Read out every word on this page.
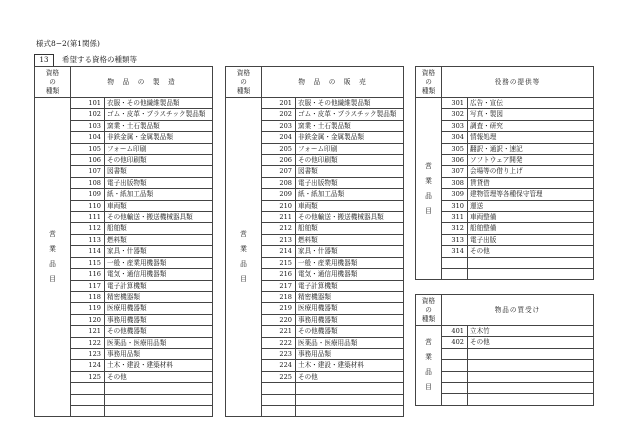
様式8−2(第1関係)
13	希望する資格の種類等
資格
の
種類	物　品　の　製　造	

営
業
品
目	101	衣服・その他繊維製品類
	102	ゴム・皮革・プラスチック製品類
	103	窯業・土石製品類
	104	非鉄金属・金属製品類
	105	フォーム印刷
	106	その他印刷類
	107	図書類
	108	電子出版物類
	109	紙・紙加工品類
	110	車両類
	111	その他輸送・搬送機械器具類
	112	船舶類
	113	燃料類
	114	家具・什器類
	115	一般・産業用機器類
	116	電気・通信用機器類
	117	電子計算機類
	118	精密機器類
	119	医療用機器類
	120	事務用機器類
	121	その他機器類
	122	医薬品・医療用品類
	123	事務用品類
	124	土木・建設・建築材料
	125	その他

資格
の
種類	物　品　の　販　売	

営
業
品
目	201	衣服・その他繊維製品類
	202	ゴム・皮革・プラスチック製品類
	203	窯業・土石製品類
	204	非鉄金属・金属製品類
	205	フォーム印刷
	206	その他印刷類
	207	図書類
	208	電子出版物類
	209	紙・紙加工品類
	210	車両類
	211	その他輸送・搬送機械器具類
	212	船舶類
	213	燃料類
	214	家具・什器類
	215	一般・産業用機器類
	216	電気・通信用機器類
	217	電子計算機類
	218	精密機器類
	219	医療用機器類
	220	事務用機器類
	221	その他機器類
	222	医薬品・医療用品類
	223	事務用品類
	224	土木・建設・建築材料
	225	その他

資格
の
種類	役務の提供等	

営
業
品
目	301	広告・宣伝
	302	写真・製図
	303	調査・研究
	304	情報処理
	305	翻訳・通訳・速記
	306	ソフトウェア開発
	307	会場等の借り上げ
	308	賃貸借
	309	建物管理等各種保守管理
	310	運送
	311	車両整備
	312	船舶整備
	313	電子出版
	314	その他

資格
の
種類	物品の買受け	

営
業
品
目	401	立木竹
	402	その他
